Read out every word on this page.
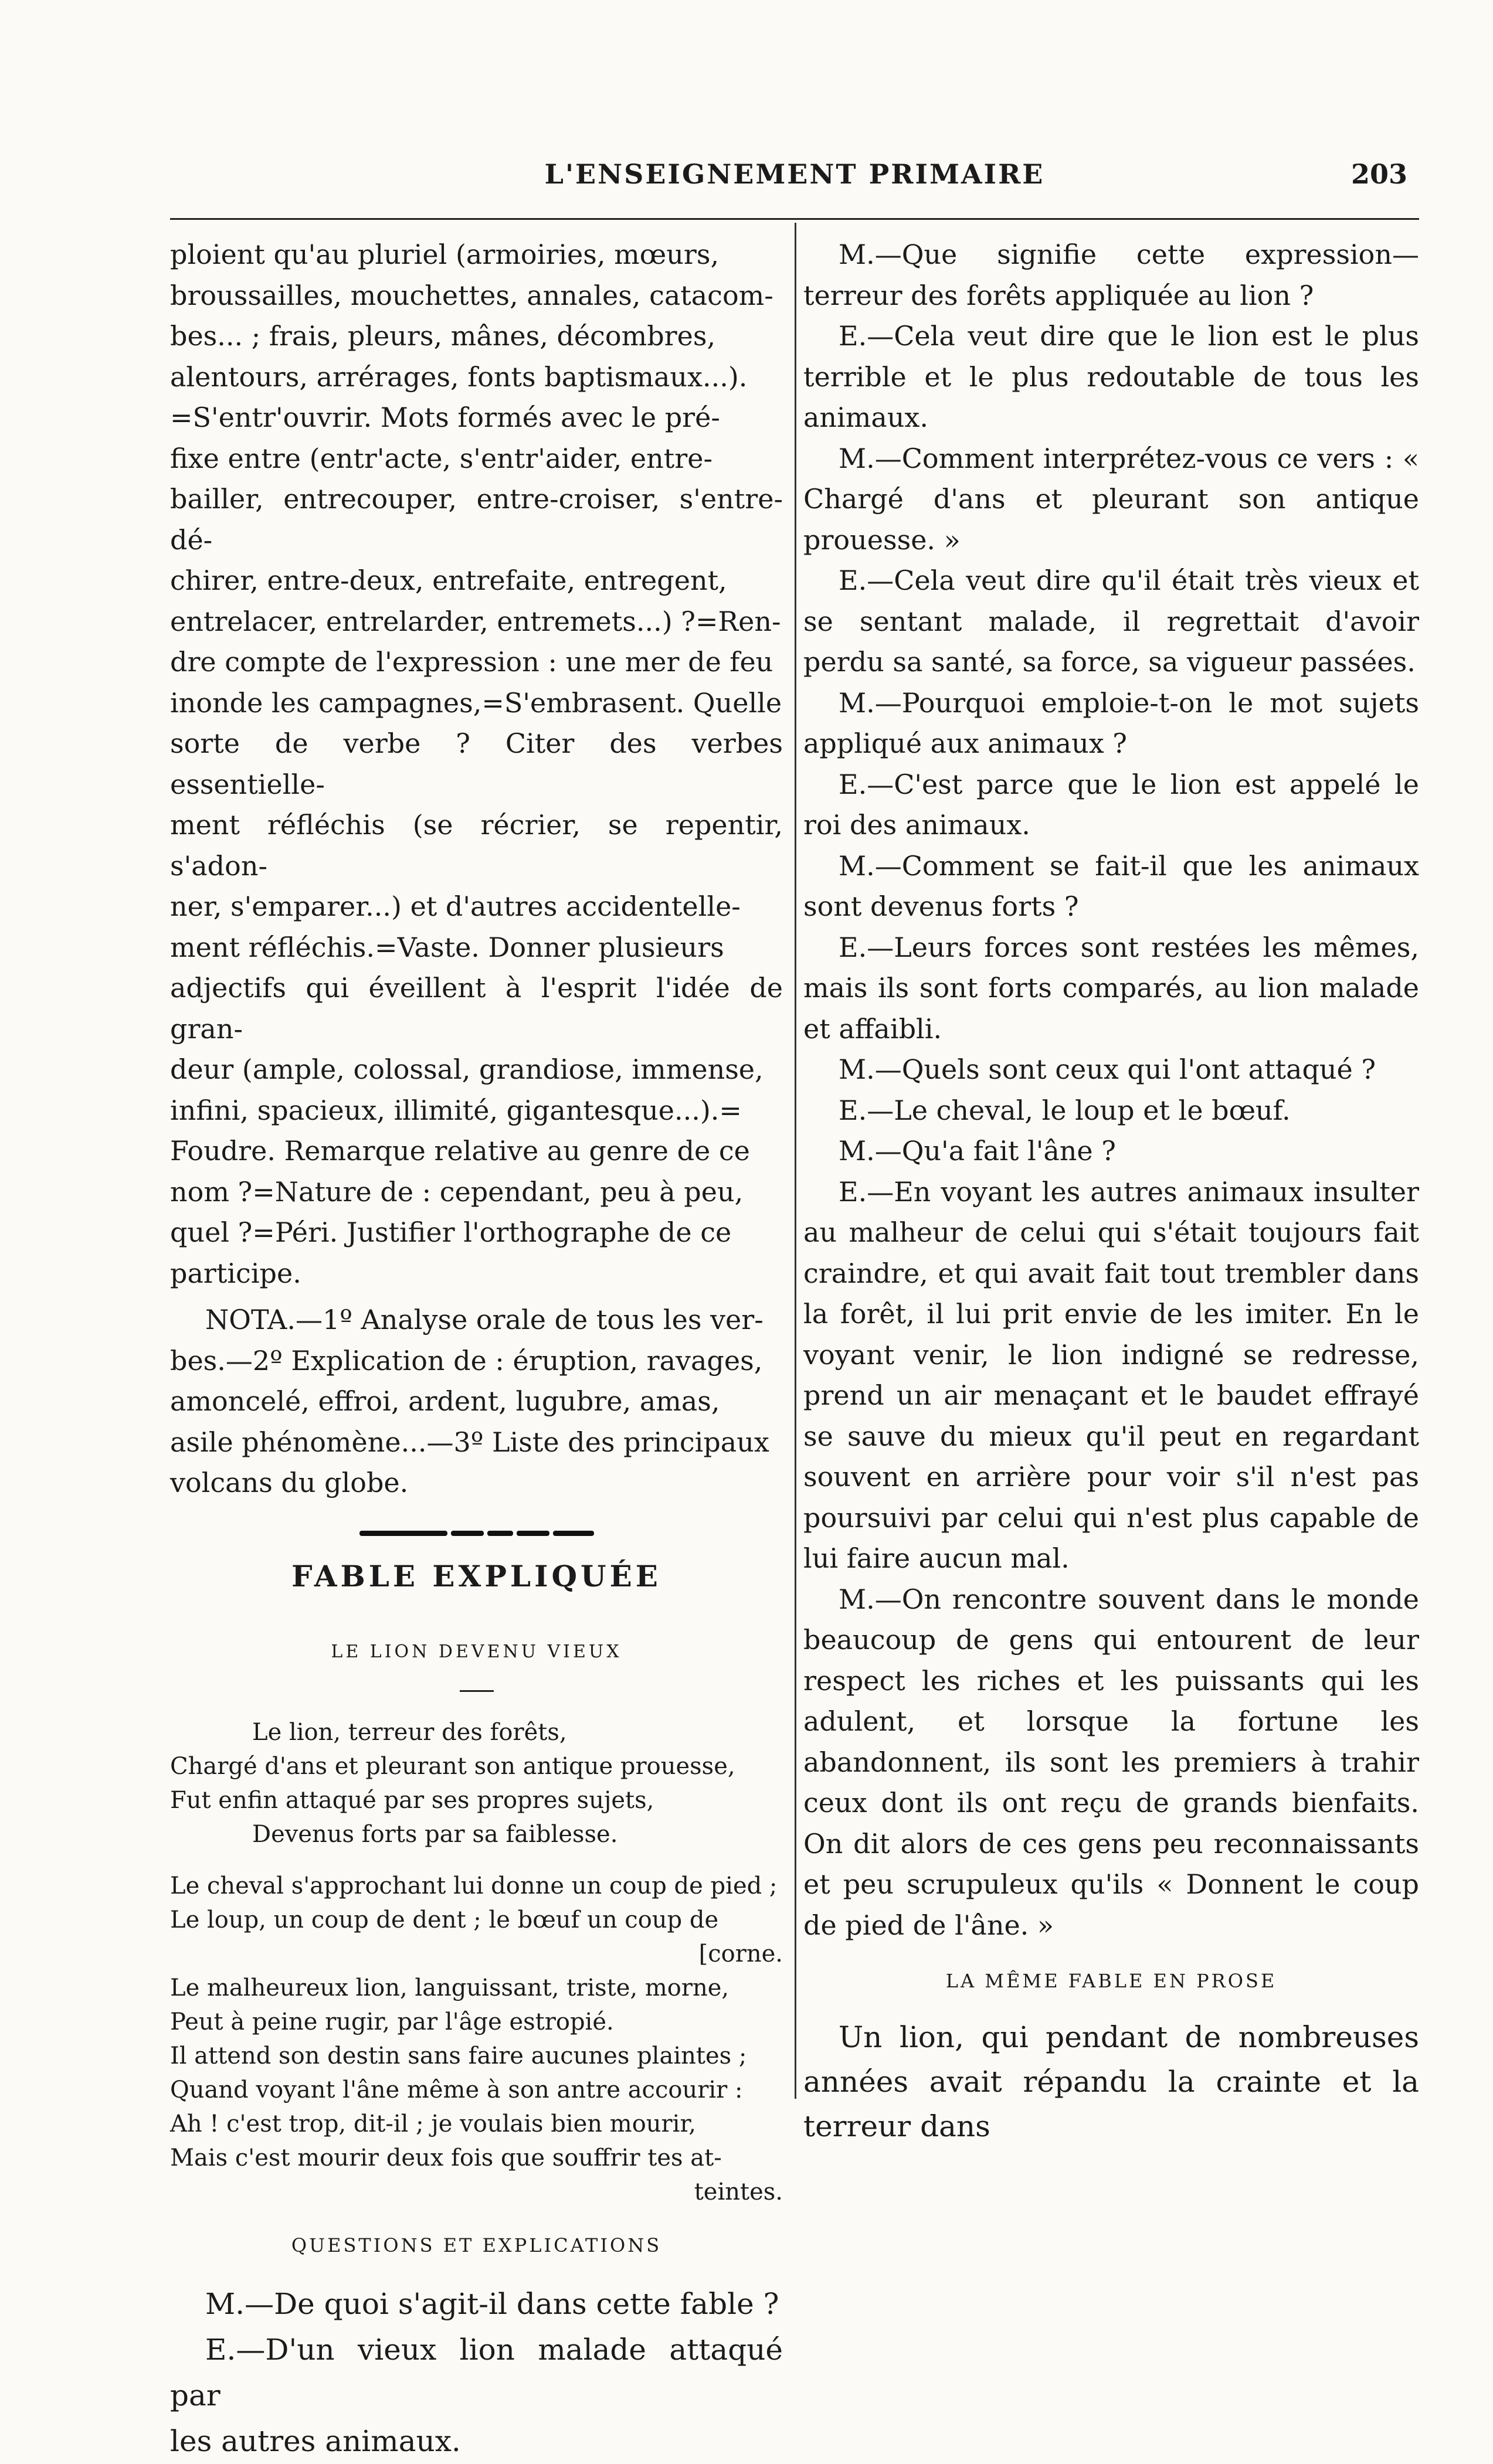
L'ENSEIGNEMENT PRIMAIRE	203

ploient qu'au pluriel (armoiries, mœurs,

broussailles, mouchettes, annales, catacom-

bes... ; frais, pleurs, mânes, décombres,

alentours, arrérages, fonts baptismaux...).

=S'entr'ouvrir. Mots formés avec le pré-

fixe entre (entr'acte, s'entr'aider, entre-

bailler, entrecouper, entre-croiser, s'entre-dé-

chirer, entre-deux, entrefaite, entregent,

entrelacer, entrelarder, entremets...) ?=Ren-

dre compte de l'expression : une mer de feu

inonde les campagnes,=S'embrasent. Quelle

sorte de verbe ? Citer des verbes essentielle-

ment réfléchis (se récrier, se repentir, s'adon-

ner, s'emparer...) et d'autres accidentelle-

ment réfléchis.=Vaste. Donner plusieurs

adjectifs qui éveillent à l'esprit l'idée de gran-

deur (ample, colossal, grandiose, immense,

infini, spacieux, illimité, gigantesque...).=

Foudre. Remarque relative au genre de ce

nom ?=Nature de : cependant, peu à peu,

quel ?=Péri. Justifier l'orthographe de ce

participe.

NOTA.—1º Analyse orale de tous les ver-

bes.—2º Explication de : éruption, ravages,

amoncelé, effroi, ardent, lugubre, amas,

asile phénomène...—3º Liste des principaux

volcans du globe.

FABLE EXPLIQUÉE
LE LION DEVENU VIEUX

Le lion, terreur des forêts,

Chargé d'ans et pleurant son antique prouesse,

Fut enfin attaqué par ses propres sujets,

Devenus forts par sa faiblesse.

Le cheval s'approchant lui donne un coup de pied ;

Le loup, un coup de dent ; le bœuf un coup de

[corne.

Le malheureux lion, languissant, triste, morne,

Peut à peine rugir, par l'âge estropié.

Il attend son destin sans faire aucunes plaintes ;

Quand voyant l'âne même à son antre accourir :

Ah ! c'est trop, dit-il ; je voulais bien mourir,

Mais c'est mourir deux fois que souffrir tes at-

teintes.

QUESTIONS ET EXPLICATIONS

M.—De quoi s'agit-il dans cette fable ?

E.—D'un vieux lion malade attaqué par

les autres animaux.

M.—Que signifie cette expression—terreur des forêts appliquée au lion ?

E.—Cela veut dire que le lion est le plus terrible et le plus redoutable de tous les animaux.

M.—Comment interprétez-vous ce vers : « Chargé d'ans et pleurant son antique prouesse. »

E.—Cela veut dire qu'il était très vieux et se sentant malade, il regrettait d'avoir perdu sa santé, sa force, sa vigueur passées.

M.—Pourquoi emploie-t-on le mot sujets appliqué aux animaux ?

E.—C'est parce que le lion est appelé le roi des animaux.

M.—Comment se fait-il que les animaux sont devenus forts ?

E.—Leurs forces sont restées les mêmes, mais ils sont forts comparés, au lion malade et affaibli.

M.—Quels sont ceux qui l'ont attaqué ?

E.—Le cheval, le loup et le bœuf.

M.—Qu'a fait l'âne ?

E.—En voyant les autres animaux insulter au malheur de celui qui s'était toujours fait craindre, et qui avait fait tout trembler dans la forêt, il lui prit envie de les imiter. En le voyant venir, le lion indigné se redresse, prend un air menaçant et le baudet effrayé se sauve du mieux qu'il peut en regardant souvent en arrière pour voir s'il n'est pas poursuivi par celui qui n'est plus capable de lui faire aucun mal.

M.—On rencontre souvent dans le monde beaucoup de gens qui entourent de leur respect les riches et les puissants qui les adulent, et lorsque la fortune les abandonnent, ils sont les premiers à trahir ceux dont ils ont reçu de grands bienfaits. On dit alors de ces gens peu reconnaissants et peu scrupuleux qu'ils « Donnent le coup de pied de l'âne. »

LA MÊME FABLE EN PROSE

Un lion, qui pendant de nombreuses années avait répandu la crainte et la terreur dans
